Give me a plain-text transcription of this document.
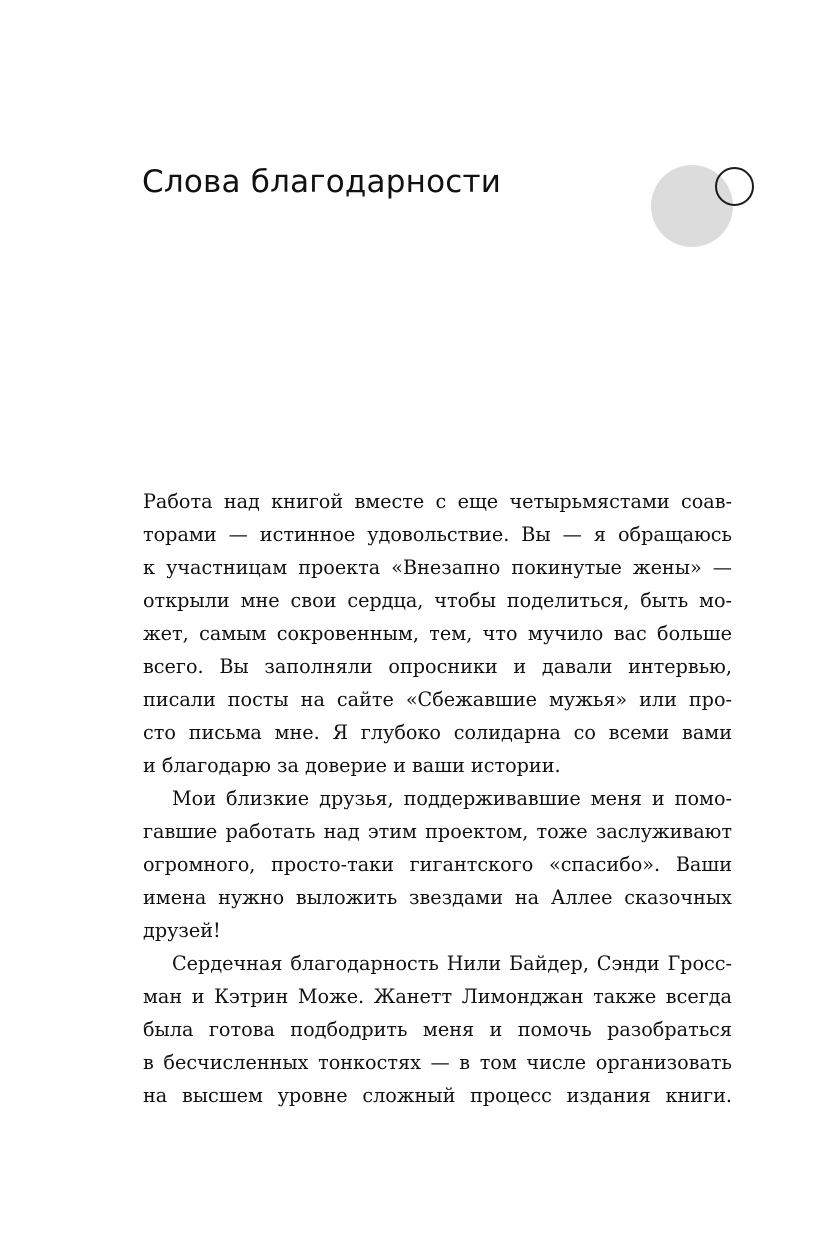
Слова благодарности

Работа над книгой вместе с еще четырьмястами соав-
торами — истинное удовольствие. Вы — я обращаюсь
к участницам проекта «Внезапно покинутые жены» —
открыли мне свои сердца, чтобы поделиться, быть мо-
жет, самым сокровенным, тем, что мучило вас больше
всего. Вы заполняли опросники и давали интервью,
писали посты на сайте «Сбежавшие мужья» или про-
сто письма мне. Я глубоко солидарна со всеми вами
и благодарю за доверие и ваши истории.

Мои близкие друзья, поддерживавшие меня и помо-
гавшие работать над этим проектом, тоже заслуживают
огромного, просто-таки гигантского «спасибо». Ваши
имена нужно выложить звездами на Аллее сказочных
друзей!

Сердечная благодарность Нили Байдер, Сэнди Гросс-
ман и Кэтрин Може. Жанетт Лимонджан также всегда
была готова подбодрить меня и помочь разобраться
в бесчисленных тонкостях — в том числе организовать
на высшем уровне сложный процесс издания книги.
